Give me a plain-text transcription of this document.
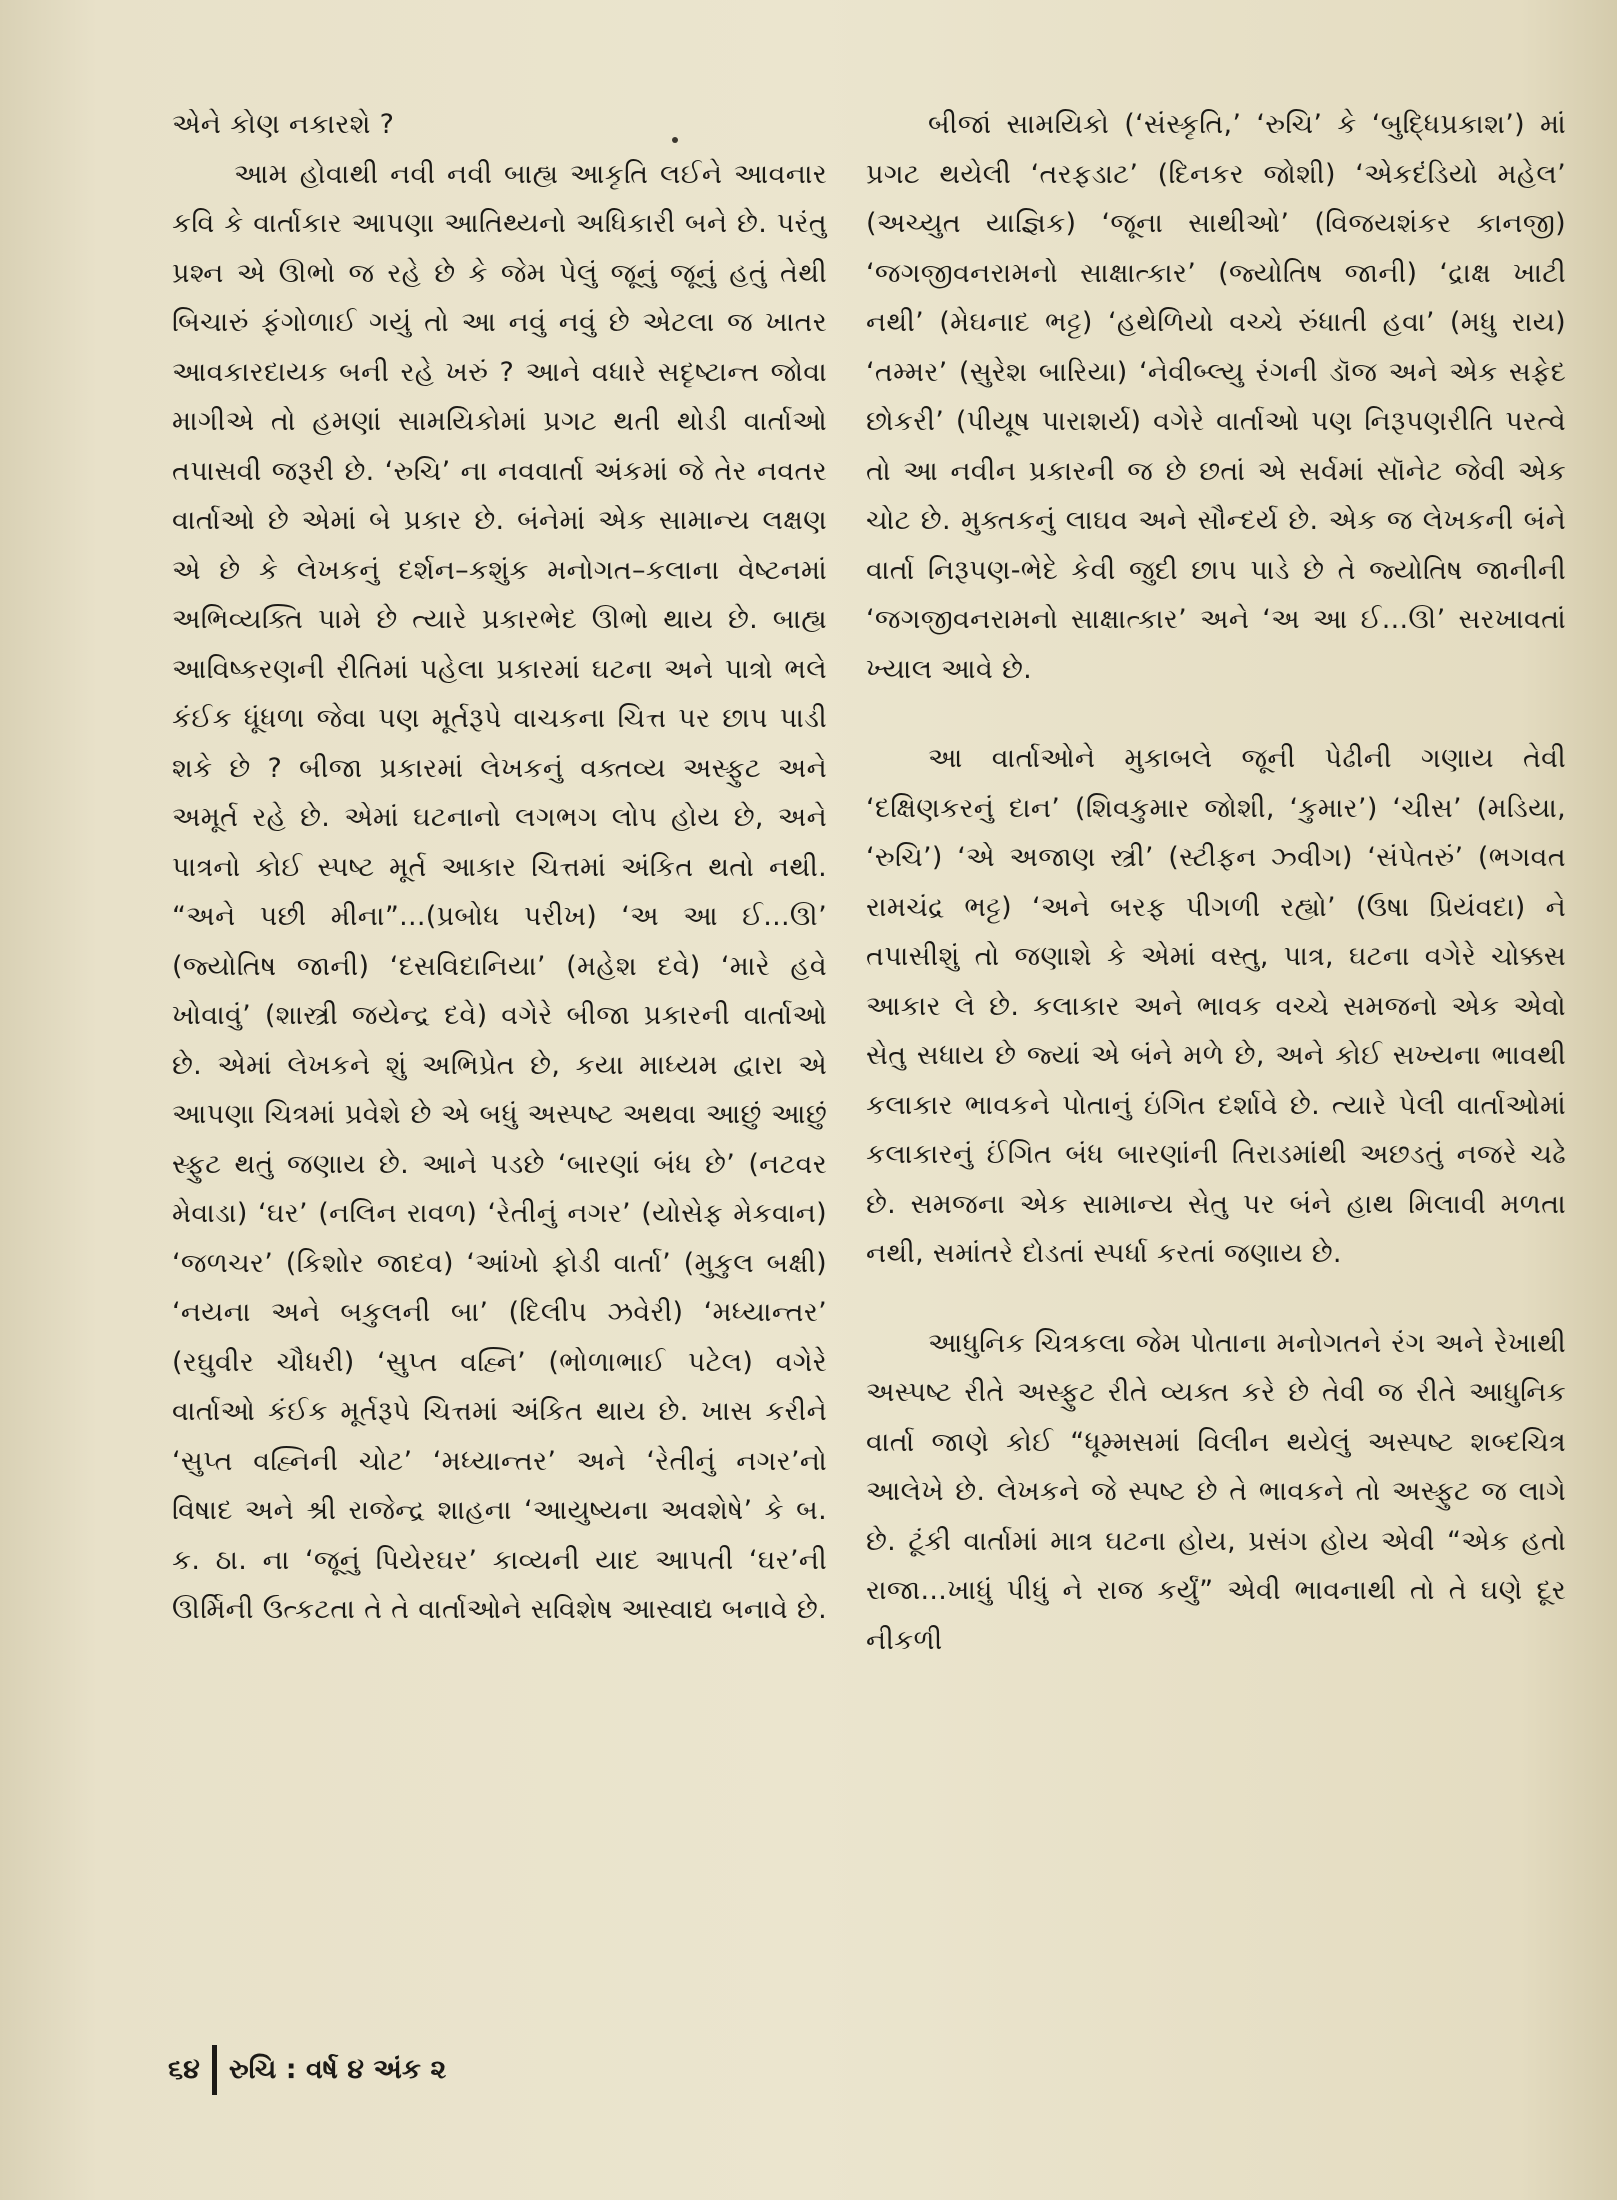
એને કોણ નકારશે ?

આમ હોવાથી નવી નવી બાહ્ય આકૃતિ લઈને આવનાર કવિ કે વાર્તાકાર આપણા આતિથ્યનો અધિકારી બને છે. પરંતુ પ્રશ્ન એ ઊભો જ રહે છે કે જેમ પેલું જૂનું જૂનું હતું તેથી બિચારું ફંગોળાઈ ગયું તો આ નવું નવું છે એટલા જ ખાતર આવકારદાયક બની રહે ખરું ? આને વધારે સદૃષ્ટાન્ત જોવા માગીએ તો હમણાં સામયિકોમાં પ્રગટ થતી થોડી વાર્તાઓ તપાસવી જરૂરી છે. ‘રુચિ’ ના નવવાર્તા અંકમાં જે તેર નવતર વાર્તાઓ છે એમાં બે પ્રકાર છે. બંનેમાં એક સામાન્ય લક્ષણ એ છે કે લેખકનું દર્શન–કશુંક મનોગત–કલાના વેષ્ટનમાં અભિવ્યક્તિ પામે છે ત્યારે પ્રકારભેદ ઊભો થાય છે. બાહ્ય આવિષ્કરણની રીતિમાં પહેલા પ્રકારમાં ઘટના અને પાત્રો ભલે કંઈક ધૂંધળા જેવા પણ મૂર્તરૂપે વાચકના ચિત્ત પર છાપ પાડી શકે છે ? બીજા પ્રકારમાં લેખકનું વક્તવ્ય અસ્ફુટ અને અમૂર્ત રહે છે. એમાં ઘટનાનો લગભગ લોપ હોય છે, અને પાત્રનો કોઈ સ્પષ્ટ મૂર્ત આકાર ચિત્તમાં અંકિત થતો નથી. “અને પછી મીના”...(પ્રબોધ પરીખ) ‘અ આ ઈ...ઊ’ (જ્યોતિષ જાની) ‘દસવિદાનિયા’ (મહેશ દવે) ‘મારે હવે ખોવાવું’ (શાસ્ત્રી જયેન્દ્ર દવે) વગેરે બીજા પ્રકારની વાર્તાઓ છે. એમાં લેખકને શું અભિપ્રેત છે, કયા માધ્યમ દ્વારા એ આપણા ચિત્રમાં પ્રવેશે છે એ બધું અસ્પષ્ટ અથવા આછું આછું સ્ફુટ થતું જણાય છે. આને પડછે ‘બારણાં બંધ છે’ (નટવર મેવાડા) ‘ઘર’ (નલિન રાવળ) ‘રેતીનું નગર’ (યોસેફ મેકવાન) ‘જળચર’ (કિશોર જાદવ) ‘આંખો ફોડી વાર્તા’ (મુકુલ બક્ષી) ‘નયના અને બકુલની બા’ (દિલીપ ઝવેરી) ‘મધ્યાન્તર’ (રઘુવીર ચૌધરી) ‘સુપ્ત વહ્નિ’ (ભોળાભાઈ પટેલ) વગેરે વાર્તાઓ કંઈક મૂર્તરૂપે ચિત્તમાં અંકિત થાય છે. ખાસ કરીને ‘સુપ્ત વહ્નિની ચોટ’ ‘મધ્યાન્તર’ અને ‘રેતીનું નગર’નો વિષાદ અને શ્રી રાજેન્દ્ર શાહના ‘આયુષ્યના અવશેષે’ કે બ. ક. ઠા. ના ‘જૂનું પિયેરઘર’ કાવ્યની યાદ આપતી ‘ઘર’ની ઊર્મિની ઉત્કટતા તે તે વાર્તાઓને સવિશેષ આસ્વાદ્ય બનાવે છે.

બીજાં સામયિકો (‘સંસ્કૃતિ,’ ‘રુચિ’ કે ‘બુદ્ધિપ્રકાશ’) માં પ્રગટ થયેલી ‘તરફડાટ’ (દિનકર જોશી) ‘એકદંડિયો મહેલ’ (અચ્યુત યાજ્ઞિક) ‘જૂના સાથીઓ’ (વિજયશંકર કાનજી) ‘જગજીવનરામનો સાક્ષાત્કાર’ (જ્યોતિષ જાની) ‘દ્રાક્ષ ખાટી નથી’ (મેઘનાદ ભટ્ટ) ‘હથેળિયો વચ્ચે રુંધાતી હવા’ (મધુ રાય) ‘તમ્મર’ (સુરેશ બારિયા) ‘નેવીબ્લ્યુ રંગની ડૉજ અને એક સફેદ છોકરી’ (પીયૂષ પારાશર્ય) વગેરે વાર્તાઓ પણ નિરૂપણરીતિ પરત્વે તો આ નવીન પ્રકારની જ છે છતાં એ સર્વમાં સૉનેટ જેવી એક ચોટ છે. મુક્તકનું લાઘવ અને સૌન્દર્ય છે. એક જ લેખકની બંને વાર્તા નિરૂપણ-ભેદે કેવી જુદી છાપ પાડે છે તે જ્યોતિષ જાનીની ‘જગજીવનરામનો સાક્ષાત્કાર’ અને ‘અ આ ઈ...ઊ’ સરખાવતાં ખ્યાલ આવે છે.

આ વાર્તાઓને મુકાબલે જૂની પેઢીની ગણાય તેવી ‘દક્ષિણકરનું દાન’ (શિવકુમાર જોશી, ‘કુમાર’) ‘ચીસ’ (મડિયા, ‘રુચિ’) ‘એ અજાણ સ્ત્રી’ (સ્ટીફન ઝ્વીગ) ‘સંપેતરું’ (ભગવત રામચંદ્ર ભટ્ટ) ‘અને બરફ પીગળી રહ્યો’ (ઉષા પ્રિયંવદા) ને તપાસીશું તો જણાશે કે એમાં વસ્તુ, પાત્ર, ઘટના વગેરે ચોક્કસ આકાર લે છે. કલાકાર અને ભાવક વચ્ચે સમજનો એક એવો સેતુ સધાય છે જ્યાં એ બંને મળે છે, અને કોઈ સખ્યના ભાવથી કલાકાર ભાવકને પોતાનું ઇંગિત દર્શાવે છે. ત્યારે પેલી વાર્તાઓમાં કલાકારનું ઈંગિત બંધ બારણાંની તિરાડમાંથી અછડતું નજરે ચઢે છે. સમજના એક સામાન્ય સેતુ પર બંને હાથ મિલાવી મળતા નથી, સમાંતરે દોડતાં સ્પર્ધા કરતાં જણાય છે.

આધુનિક ચિત્રકલા જેમ પોતાના મનોગતને રંગ અને રેખાથી અસ્પષ્ટ રીતે અસ્ફુટ રીતે વ્યક્ત કરે છે તેવી જ રીતે આધુનિક વાર્તા જાણે કોઈ “ધૂમ્મસમાં વિલીન થયેલું અસ્પષ્ટ શબ્દચિત્ર આલેખે છે. લેખકને જે સ્પષ્ટ છે તે ભાવકને તો અસ્ફુટ જ લાગે છે. ટૂંકી વાર્તામાં માત્ર ઘટના હોય, પ્રસંગ હોય એવી “એક હતો રાજા...ખાધું પીધું ને રાજ કર્યું” એવી ભાવનાથી તો તે ઘણે દૂર નીકળી

૬૪ રુચિ : વર્ષ ૪ અંક ૨
